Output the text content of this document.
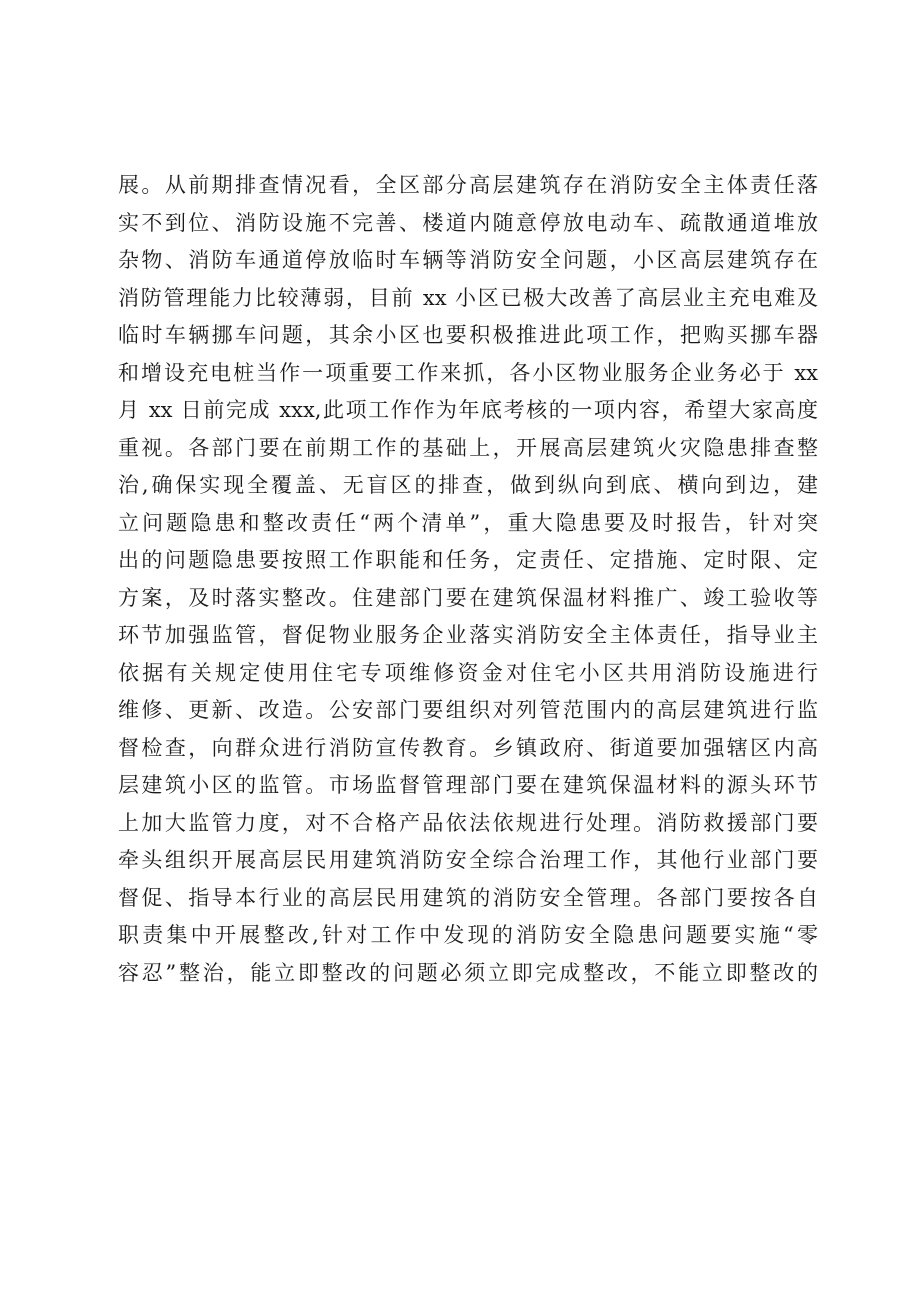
展。从前期排查情况看，全区部分高层建筑存在消防安全主体责任落
实不到位、消防设施不完善、楼道内随意停放电动车、疏散通道堆放
杂物、消防车通道停放临时车辆等消防安全问题，小区高层建筑存在
消防管理能力比较薄弱，目前 xx 小区已极大改善了高层业主充电难及
临时车辆挪车问题，其余小区也要积极推进此项工作，把购买挪车器
和增设充电桩当作一项重要工作来抓，各小区物业服务企业务必于 xx
月 xx 日前完成 xxx,此项工作作为年底考核的一项内容，希望大家高度
重视。各部门要在前期工作的基础上，开展高层建筑火灾隐患排查整
治,确保实现全覆盖、无盲区的排查，做到纵向到底、横向到边，建
立问题隐患和整改责任“两个清单”，重大隐患要及时报告，针对突
出的问题隐患要按照工作职能和任务，定责任、定措施、定时限、定
方案，及时落实整改。住建部门要在建筑保温材料推广、竣工验收等
环节加强监管，督促物业服务企业落实消防安全主体责任，指导业主
依据有关规定使用住宅专项维修资金对住宅小区共用消防设施进行
维修、更新、改造。公安部门要组织对列管范围内的高层建筑进行监
督检查，向群众进行消防宣传教育。乡镇政府、街道要加强辖区内高
层建筑小区的监管。市场监督管理部门要在建筑保温材料的源头环节
上加大监管力度，对不合格产品依法依规进行处理。消防救援部门要
牵头组织开展高层民用建筑消防安全综合治理工作，其他行业部门要
督促、指导本行业的高层民用建筑的消防安全管理。各部门要按各自
职责集中开展整改,针对工作中发现的消防安全隐患问题要实施“零
容忍”整治，能立即整改的问题必须立即完成整改，不能立即整改的
